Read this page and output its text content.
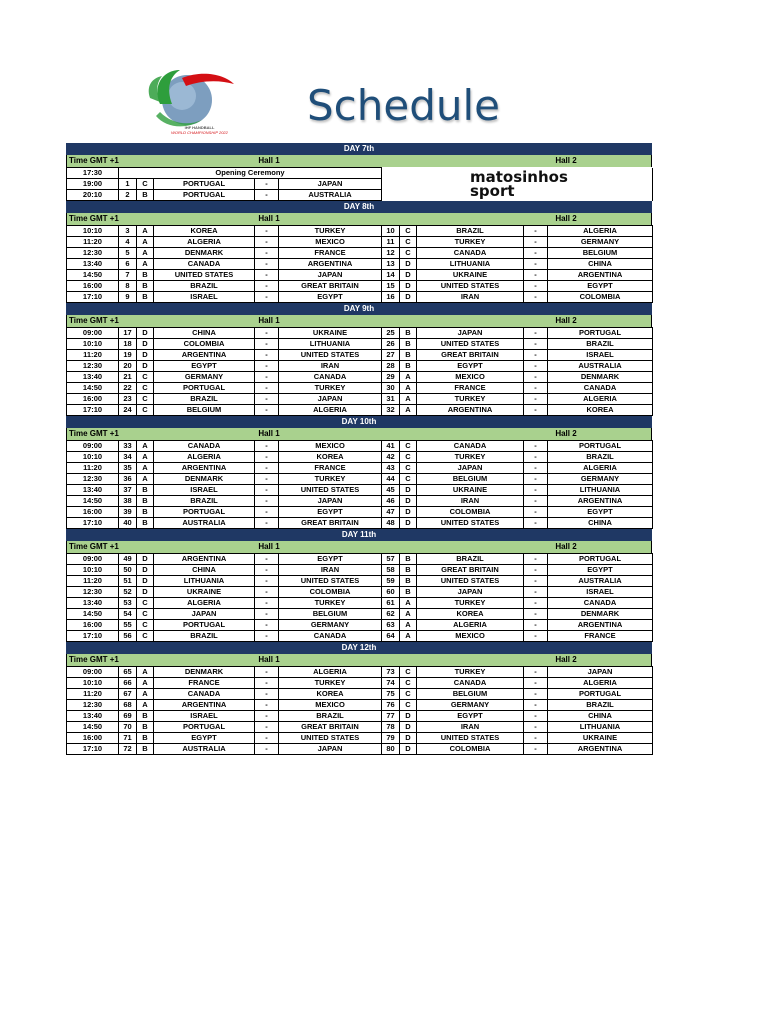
IHF HANDBALL
WORLD CHAMPIONSHIP 2022
Schedule
DAY 7th
Time GMT +1	Hall 1	Hall 2
17:30	Opening Ceremony					
19:00	1	C	PORTUGAL	-	JAPAN	
20:10	2	B	PORTUGAL	-	AUSTRALIA	
matosinhos
sport
DAY 8th
Time GMT +1	Hall 1	Hall 2
10:10	3	A	KOREA	-	TURKEY	10	C	BRAZIL	-	ALGERIA
11:20	4	A	ALGERIA	-	MEXICO	11	C	TURKEY	-	GERMANY
12:30	5	A	DENMARK	-	FRANCE	12	C	CANADA	-	BELGIUM
13:40	6	A	CANADA	-	ARGENTINA	13	D	LITHUANIA	-	CHINA
14:50	7	B	UNITED STATES	-	JAPAN	14	D	UKRAINE	-	ARGENTINA
16:00	8	B	BRAZIL	-	GREAT BRITAIN	15	D	UNITED STATES	-	EGYPT
17:10	9	B	ISRAEL	-	EGYPT	16	D	IRAN	-	COLOMBIA
DAY 9th
Time GMT +1	Hall 1	Hall 2
09:00	17	D	CHINA	-	UKRAINE	25	B	JAPAN	-	PORTUGAL
10:10	18	D	COLOMBIA	-	LITHUANIA	26	B	UNITED STATES	-	BRAZIL
11:20	19	D	ARGENTINA	-	UNITED STATES	27	B	GREAT BRITAIN	-	ISRAEL
12:30	20	D	EGYPT	-	IRAN	28	B	EGYPT	-	AUSTRALIA
13:40	21	C	GERMANY	-	CANADA	29	A	MEXICO	-	DENMARK
14:50	22	C	PORTUGAL	-	TURKEY	30	A	FRANCE	-	CANADA
16:00	23	C	BRAZIL	-	JAPAN	31	A	TURKEY	-	ALGERIA
17:10	24	C	BELGIUM	-	ALGERIA	32	A	ARGENTINA	-	KOREA
DAY 10th
Time GMT +1	Hall 1	Hall 2
09:00	33	A	CANADA	-	MEXICO	41	C	CANADA	-	PORTUGAL
10:10	34	A	ALGERIA	-	KOREA	42	C	TURKEY	-	BRAZIL
11:20	35	A	ARGENTINA	-	FRANCE	43	C	JAPAN	-	ALGERIA
12:30	36	A	DENMARK	-	TURKEY	44	C	BELGIUM	-	GERMANY
13:40	37	B	ISRAEL	-	UNITED STATES	45	D	UKRAINE	-	LITHUANIA
14:50	38	B	BRAZIL	-	JAPAN	46	D	IRAN	-	ARGENTINA
16:00	39	B	PORTUGAL	-	EGYPT	47	D	COLOMBIA	-	EGYPT
17:10	40	B	AUSTRALIA	-	GREAT BRITAIN	48	D	UNITED STATES	-	CHINA
DAY 11th
Time GMT +1	Hall 1	Hall 2
09:00	49	D	ARGENTINA	-	EGYPT	57	B	BRAZIL	-	PORTUGAL
10:10	50	D	CHINA	-	IRAN	58	B	GREAT BRITAIN	-	EGYPT
11:20	51	D	LITHUANIA	-	UNITED STATES	59	B	UNITED STATES	-	AUSTRALIA
12:30	52	D	UKRAINE	-	COLOMBIA	60	B	JAPAN	-	ISRAEL
13:40	53	C	ALGERIA	-	TURKEY	61	A	TURKEY	-	CANADA
14:50	54	C	JAPAN	-	BELGIUM	62	A	KOREA	-	DENMARK
16:00	55	C	PORTUGAL	-	GERMANY	63	A	ALGERIA	-	ARGENTINA
17:10	56	C	BRAZIL	-	CANADA	64	A	MEXICO	-	FRANCE
DAY 12th
Time GMT +1	Hall 1	Hall 2
09:00	65	A	DENMARK	-	ALGERIA	73	C	TURKEY	-	JAPAN
10:10	66	A	FRANCE	-	TURKEY	74	C	CANADA	-	ALGERIA
11:20	67	A	CANADA	-	KOREA	75	C	BELGIUM	-	PORTUGAL
12:30	68	A	ARGENTINA	-	MEXICO	76	C	GERMANY	-	BRAZIL
13:40	69	B	ISRAEL	-	BRAZIL	77	D	EGYPT	-	CHINA
14:50	70	B	PORTUGAL	-	GREAT BRITAIN	78	D	IRAN	-	LITHUANIA
16:00	71	B	EGYPT	-	UNITED STATES	79	D	UNITED STATES	-	UKRAINE
17:10	72	B	AUSTRALIA	-	JAPAN	80	D	COLOMBIA	-	ARGENTINA
